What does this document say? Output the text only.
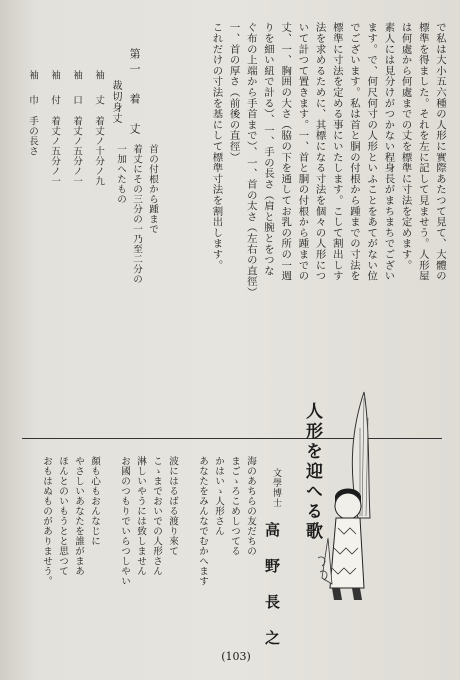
で私は大小五六種の人形に實際あたつて見て、大體の
標準を得ました。それを左に記して見ませう。人形屋
は何處から何處までの丈を標準に寸法を定めます。
素人には見分けがつかない程身長がまちまちでござい
ます。で、何尺何寸の人形といふことをあてがない位
でございます。私は首と胴の付根から踵までの寸法を
標準に寸法を定める事にいたします。こして割出しす
法を求めるために、其標になる寸法を個々の人形につ
いて計つて置きます。一、首と胴の付根から踵までの
丈、一、胸囲の大さ（脇の下を通してお乳の所の一週
りを細い紐で計る）、一、手の長さ（肩と腕とをつな
ぐ布の上端から手首まで）、一、首の太さ（左右の直徑）
一、首の厚さ（前後の直徑）
これだけの寸法を基にして標準寸法を割出します。
第一　着　丈
裁切身丈
首の付根から踵まで
着丈にその三分の一乃至二分の
一加へたもの
袖　丈
着丈ノ十分ノ九
袖　口
着丈ノ五分ノ一
袖　付
着丈ノ五分ノ一
袖　巾
手の長さ
人形を迎へる歌
文學博士
高　野　長　之
海のあちらの友だちの
まごゝろこめしつてる
かはいゝ人形さん
あなたをみんなでむかへます
波にはるばる渡り來て
こゝまでおいでの人形さん
淋しいやうには致しません
お國のつもりでいらつしやい
顏も心もおんなじに
やさしいあなたを誰がまあ
ほんとのいもうとと思つて
おもはぬものがありませう。
(103)
